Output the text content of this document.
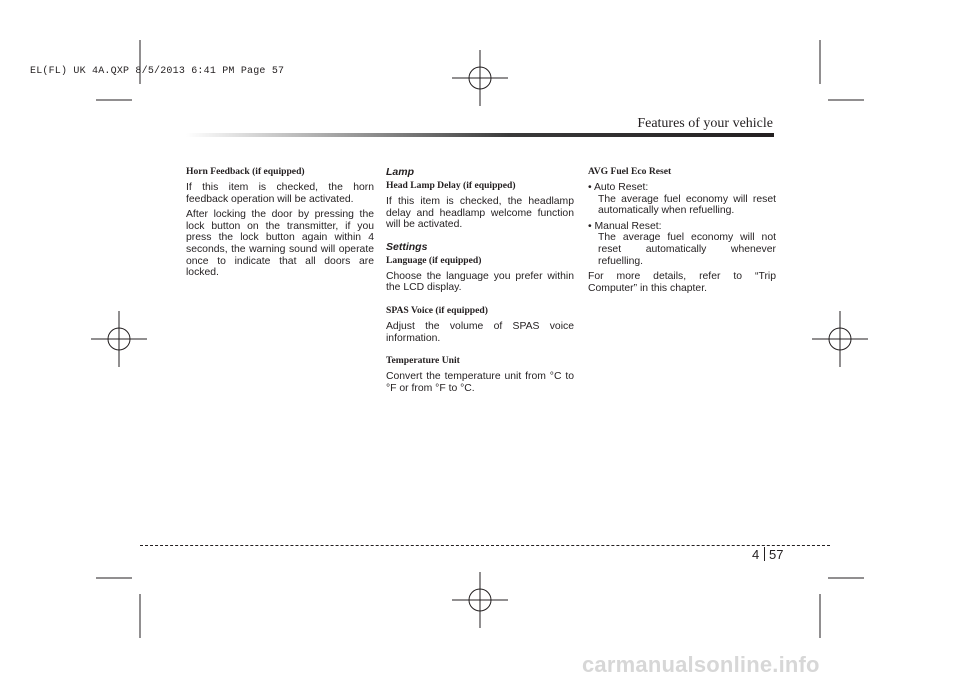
EL(FL) UK 4A.QXP 8/5/2013 6:41 PM Page 57
Features of your vehicle
Horn Feedback (if equipped)

If this item is checked, the horn feedback operation will be activated.

After locking the door by pressing the lock button on the transmitter, if you press the lock button again within 4 seconds, the warning sound will operate once to indicate that all doors are locked.

Lamp
Head Lamp Delay (if equipped)

If this item is checked, the headlamp delay and headlamp welcome function will be activated.

Settings
Language (if equipped)

Choose the language you prefer within the LCD display.

SPAS Voice (if equipped)

Adjust the volume of SPAS voice information.

Temperature Unit

Convert the temperature unit from °C to °F or from °F to °C.

AVG Fuel Eco Reset
• Auto Reset:

The average fuel economy will reset automatically when refuelling.

• Manual Reset:

The average fuel economy will not reset automatically whenever refuelling.

For more details, refer to “Trip Computer” in this chapter.

4 57
carmanualsonline.info
